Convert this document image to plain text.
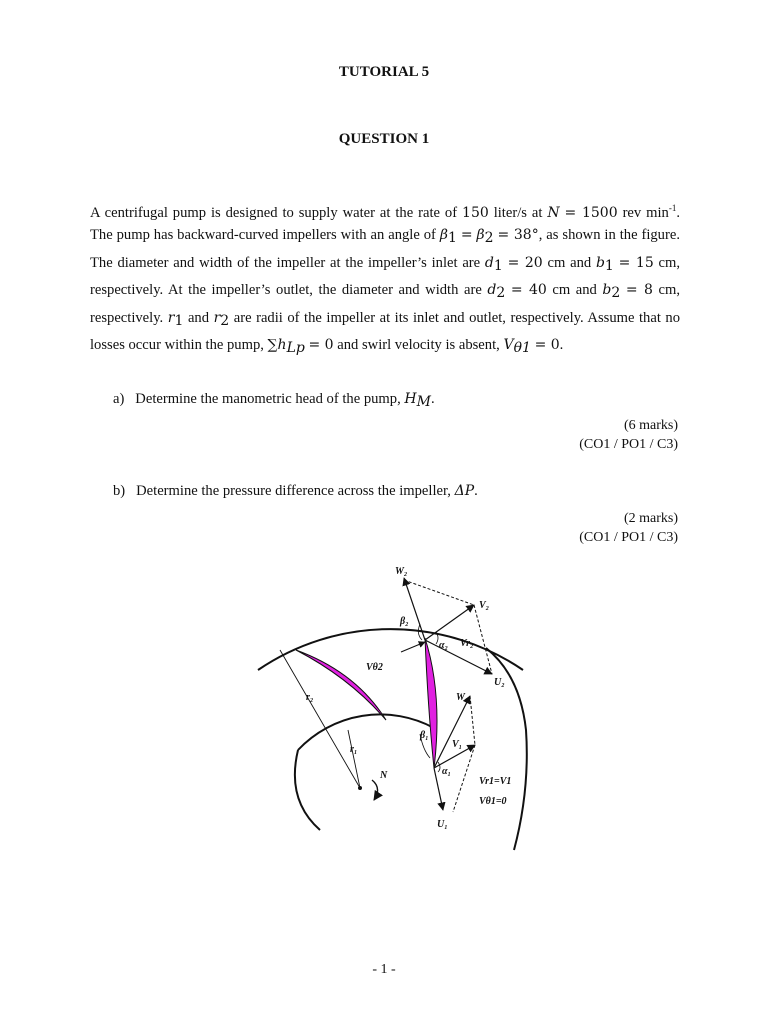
TUTORIAL 5
QUESTION 1
A centrifugal pump is designed to supply water at the rate of 150 liter/s at N = 1500 rev $\min^{-1}$.
The pump has backward-curved impellers with an angle of $\beta_1 = \beta_2 = 38^\circ$, as shown in the figure.
The diameter and width of the impeller at the impeller’s inlet are $d_1 = 20$ cm and $b_1 = 15$ cm,
respectively. At the impeller’s outlet, the diameter and width are $d_2 = 40$ cm and $b_2 = 8$ cm,
respectively. $r_1$ and $r_2$ are radii of the impeller at its inlet and outlet, respectively. Assume that no
losses occur within the pump, $\sum h_{Lp} = 0$ and swirl velocity is absent, $V_{\theta 1} = 0$.
a) Determine the manometric head of the pump, $H_M$.
(6 marks)
(CO1 / PO1 / C3)
b) Determine the pressure difference across the impeller, ΔP.
(2 marks)
(CO1 / PO1 / C3)
r₂
r₁
N
W₂
V₂
β₂
α₂ Vr₂
Vθ2
U₂
W₁
β₁
V₁
α₁
Vr1=V1
Vθ1=0
U₁
- 1 -
